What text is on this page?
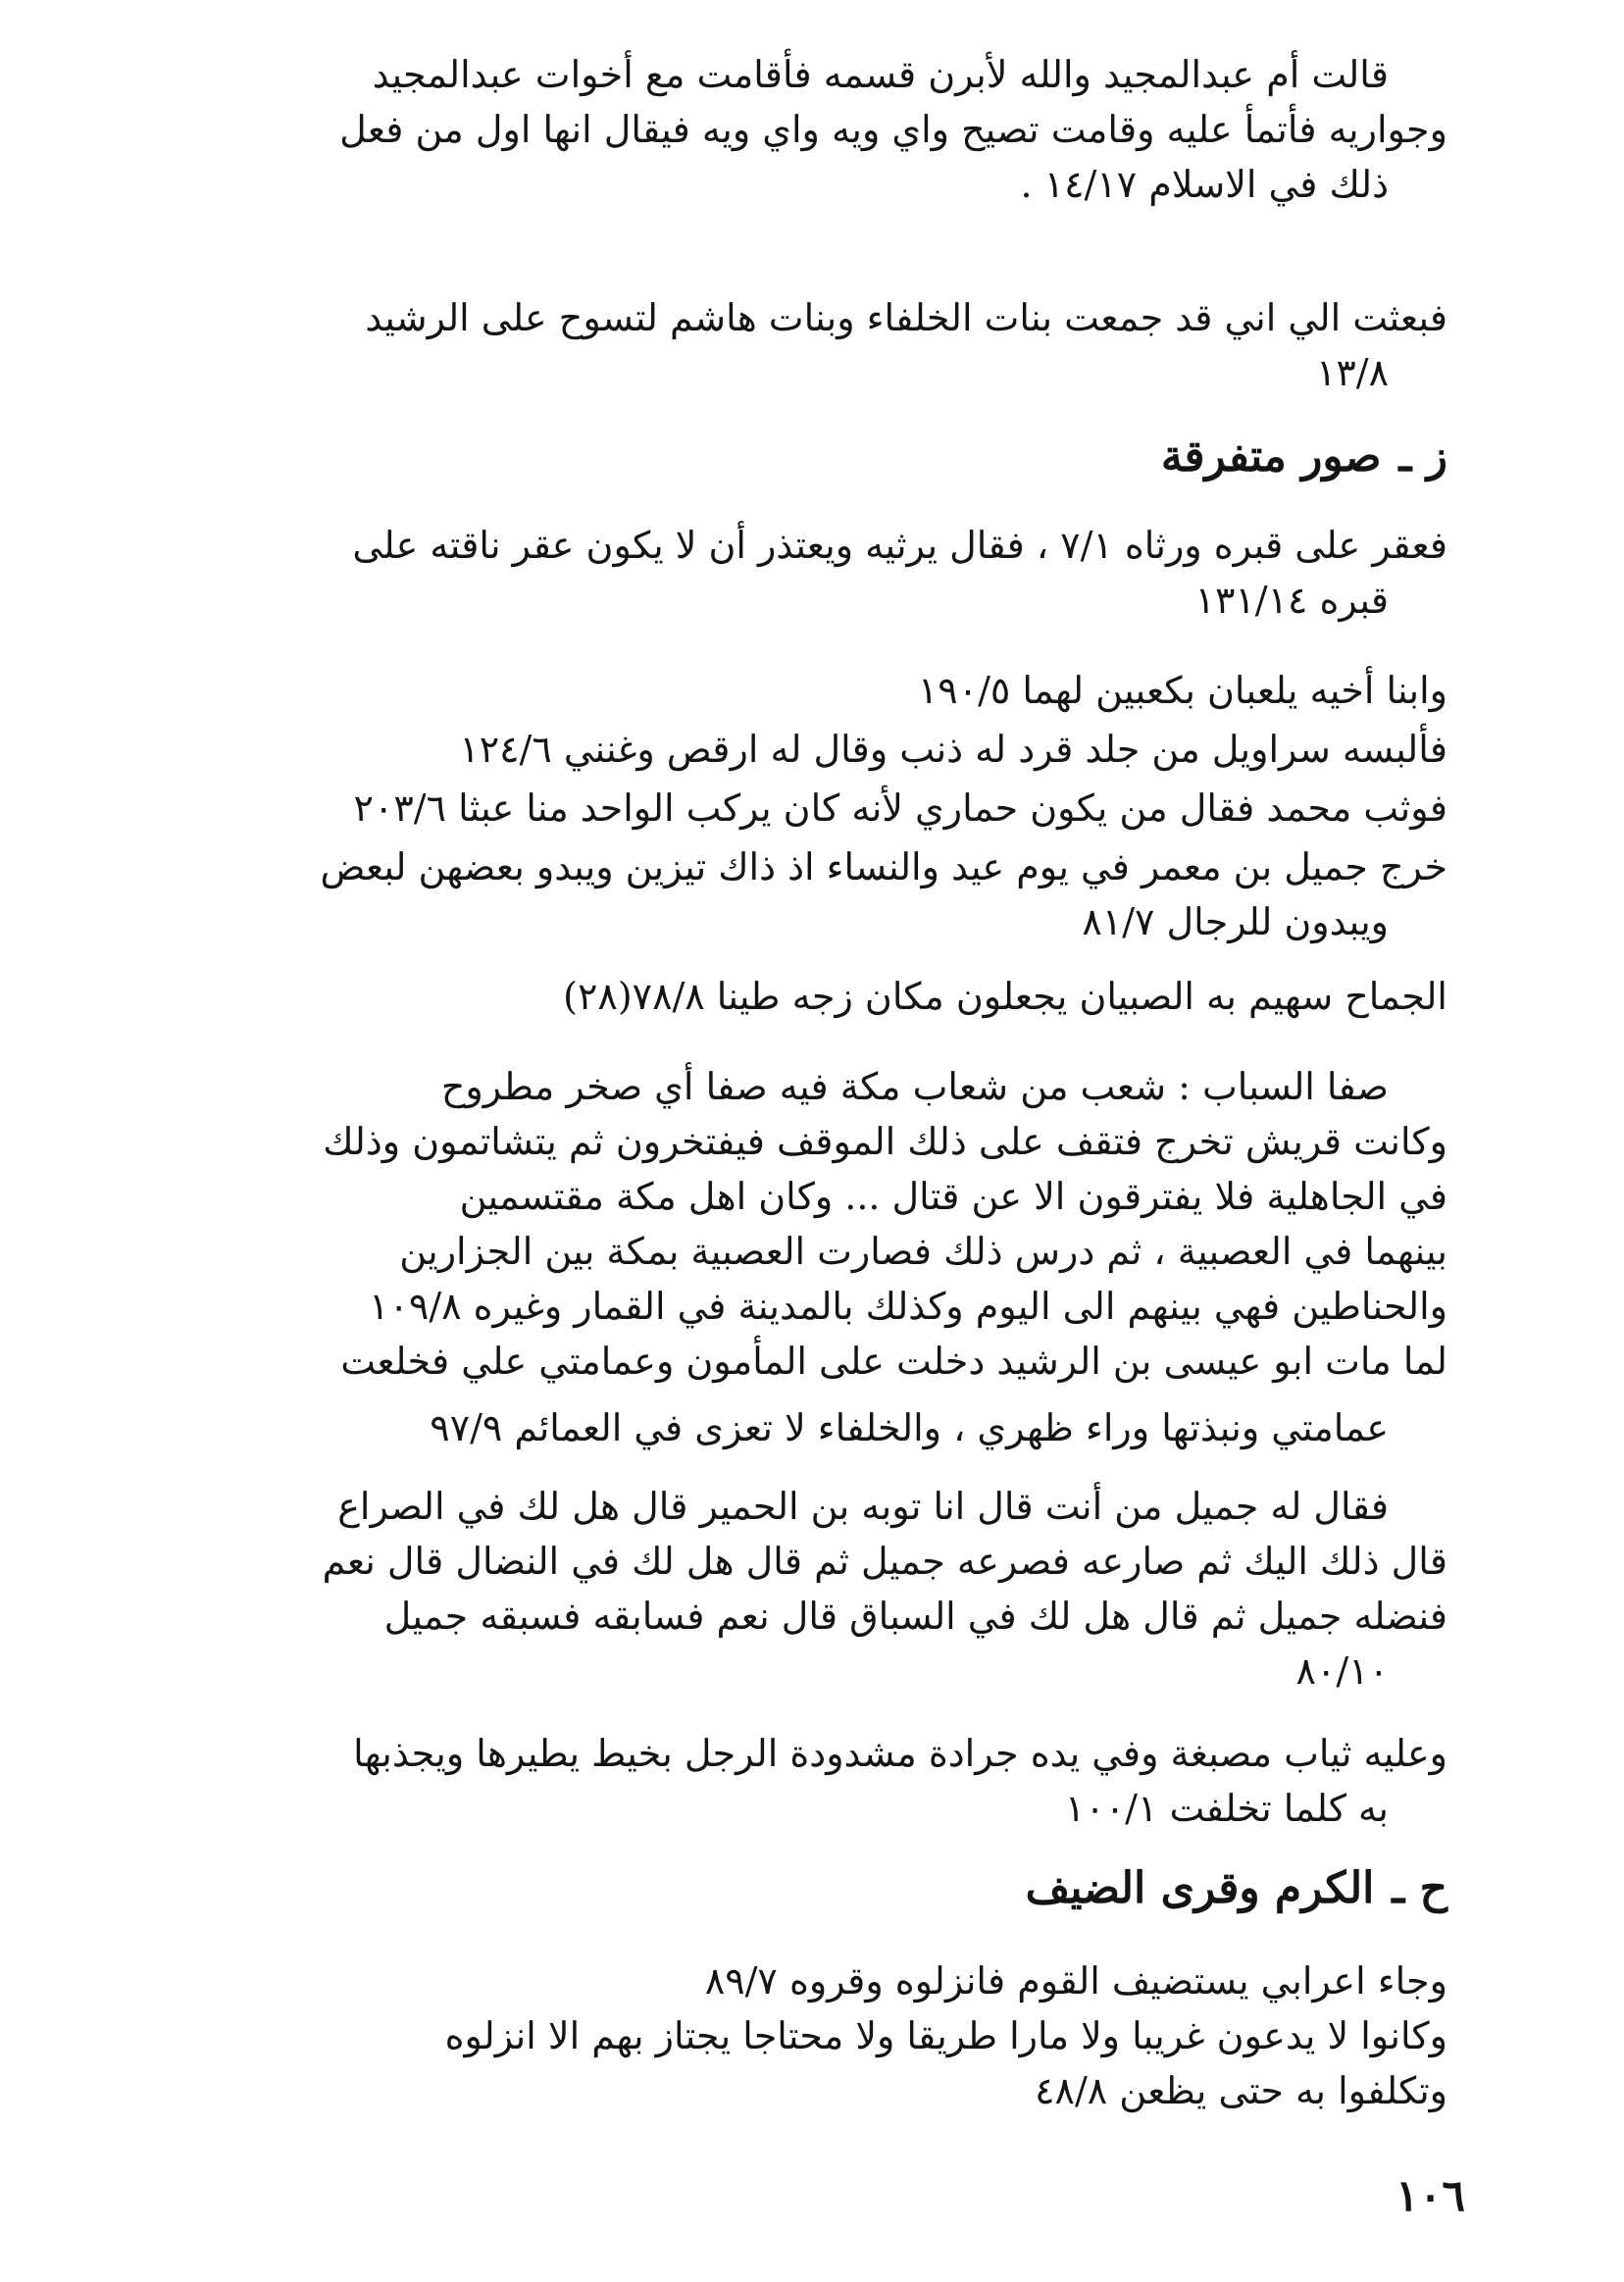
قالت أم عبدالمجيد والله لأبرن قسمه فأقامت مع أخوات عبدالمجيد
وجواريه فأتمأ عليه وقامت تصيح واي ويه واي ويه فيقال انها اول من فعل
ذلك في الاسلام ١٤/١٧ .
فبعثت الي اني قد جمعت بنات الخلفاء وبنات هاشم لتسوح على الرشيد
١٣/٨
ز ـصور متفرقة
فعقر على قبره ورثاه ٧/١ ، فقال يرثيه ويعتذر أن لا يكون عقر ناقته على
قبره ١٣١/١٤
وابنا أخيه يلعبان بكعبين لهما ١٩٠/٥
فألبسه سراويل من جلد قرد له ذنب وقال له ارقص وغنني ١٢٤/٦
فوثب محمد فقال من يكون حماري لأنه كان يركب الواحد منا عبثا ٢٠٣/٦
خرج جميل بن معمر في يوم عيد والنساء اذ ذاك تيزين ويبدو بعضهن لبعض
ويبدون للرجال ٨١/٧
الجماح سهيم به الصبيان يجعلون مكان زجه طينا ٧٨/٨(٢٨)
صفا السباب : شعب من شعاب مكة فيه صفا أي صخر مطروح
وكانت قريش تخرج فتقف على ذلك الموقف فيفتخرون ثم يتشاتمون وذلك
في الجاهلية فلا يفترقون الا عن قتال ... وكان اهل مكة مقتسمين
بينهما في العصبية ، ثم درس ذلك فصارت العصبية بمكة بين الجزارين
والحناطين فهي بينهم الى اليوم وكذلك بالمدينة في القمار وغيره ١٠٩/٨
لما مات ابو عيسى بن الرشيد دخلت على المأمون وعمامتي علي فخلعت
عمامتي ونبذتها وراء ظهري ، والخلفاء لا تعزى في العمائم ٩٧/٩
فقال له جميل من أنت قال انا توبه بن الحمير قال هل لك في الصراع
قال ذلك اليك ثم صارعه فصرعه جميل ثم قال هل لك في النضال قال نعم
فنضله جميل ثم قال هل لك في السباق قال نعم فسابقه فسبقه جميل
٨٠/١٠
وعليه ثياب مصبغة وفي يده جرادة مشدودة الرجل بخيط يطيرها ويجذبها
به كلما تخلفت ١٠٠/١
ح ـالكرم وقرى الضيف
وجاء اعرابي يستضيف القوم فانزلوه وقروه ٨٩/٧
وكانوا لا يدعون غريبا ولا مارا طريقا ولا محتاجا يجتاز بهم الا انزلوه
وتكلفوا به حتى يظعن ٤٨/٨
١٠٦
